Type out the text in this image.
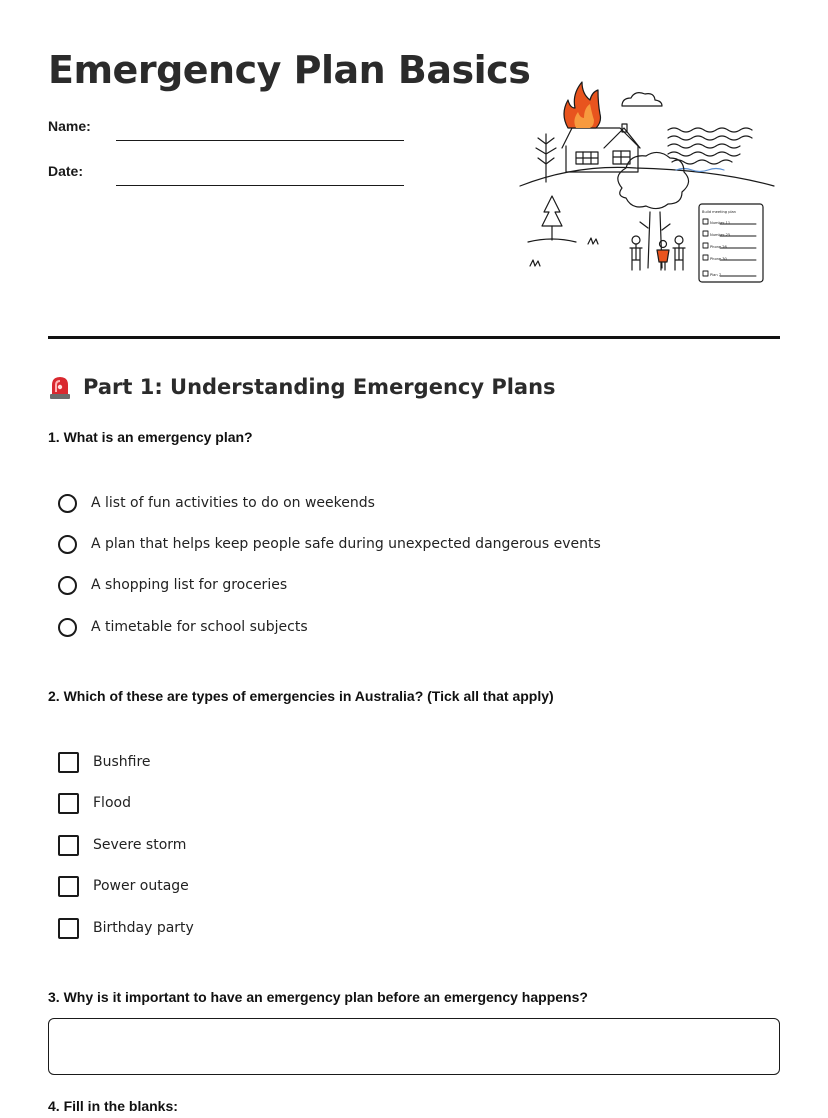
Emergency Plan Basics
Name:
Date:
Build meeting plan
Number 11
Number 25
Phone 26
Phone 30
Plan 7
Part 1: Understanding Emergency Plans

1. What is an emergency plan?

A list of fun activities to do on weekends
A plan that helps keep people safe during unexpected dangerous events
A shopping list for groceries
A timetable for school subjects

2. Which of these are types of emergencies in Australia? (Tick all that apply)

Bushfire
Flood
Severe storm
Power outage
Birthday party

3. Why is it important to have an emergency plan before an emergency happens?

4. Fill in the blanks:
